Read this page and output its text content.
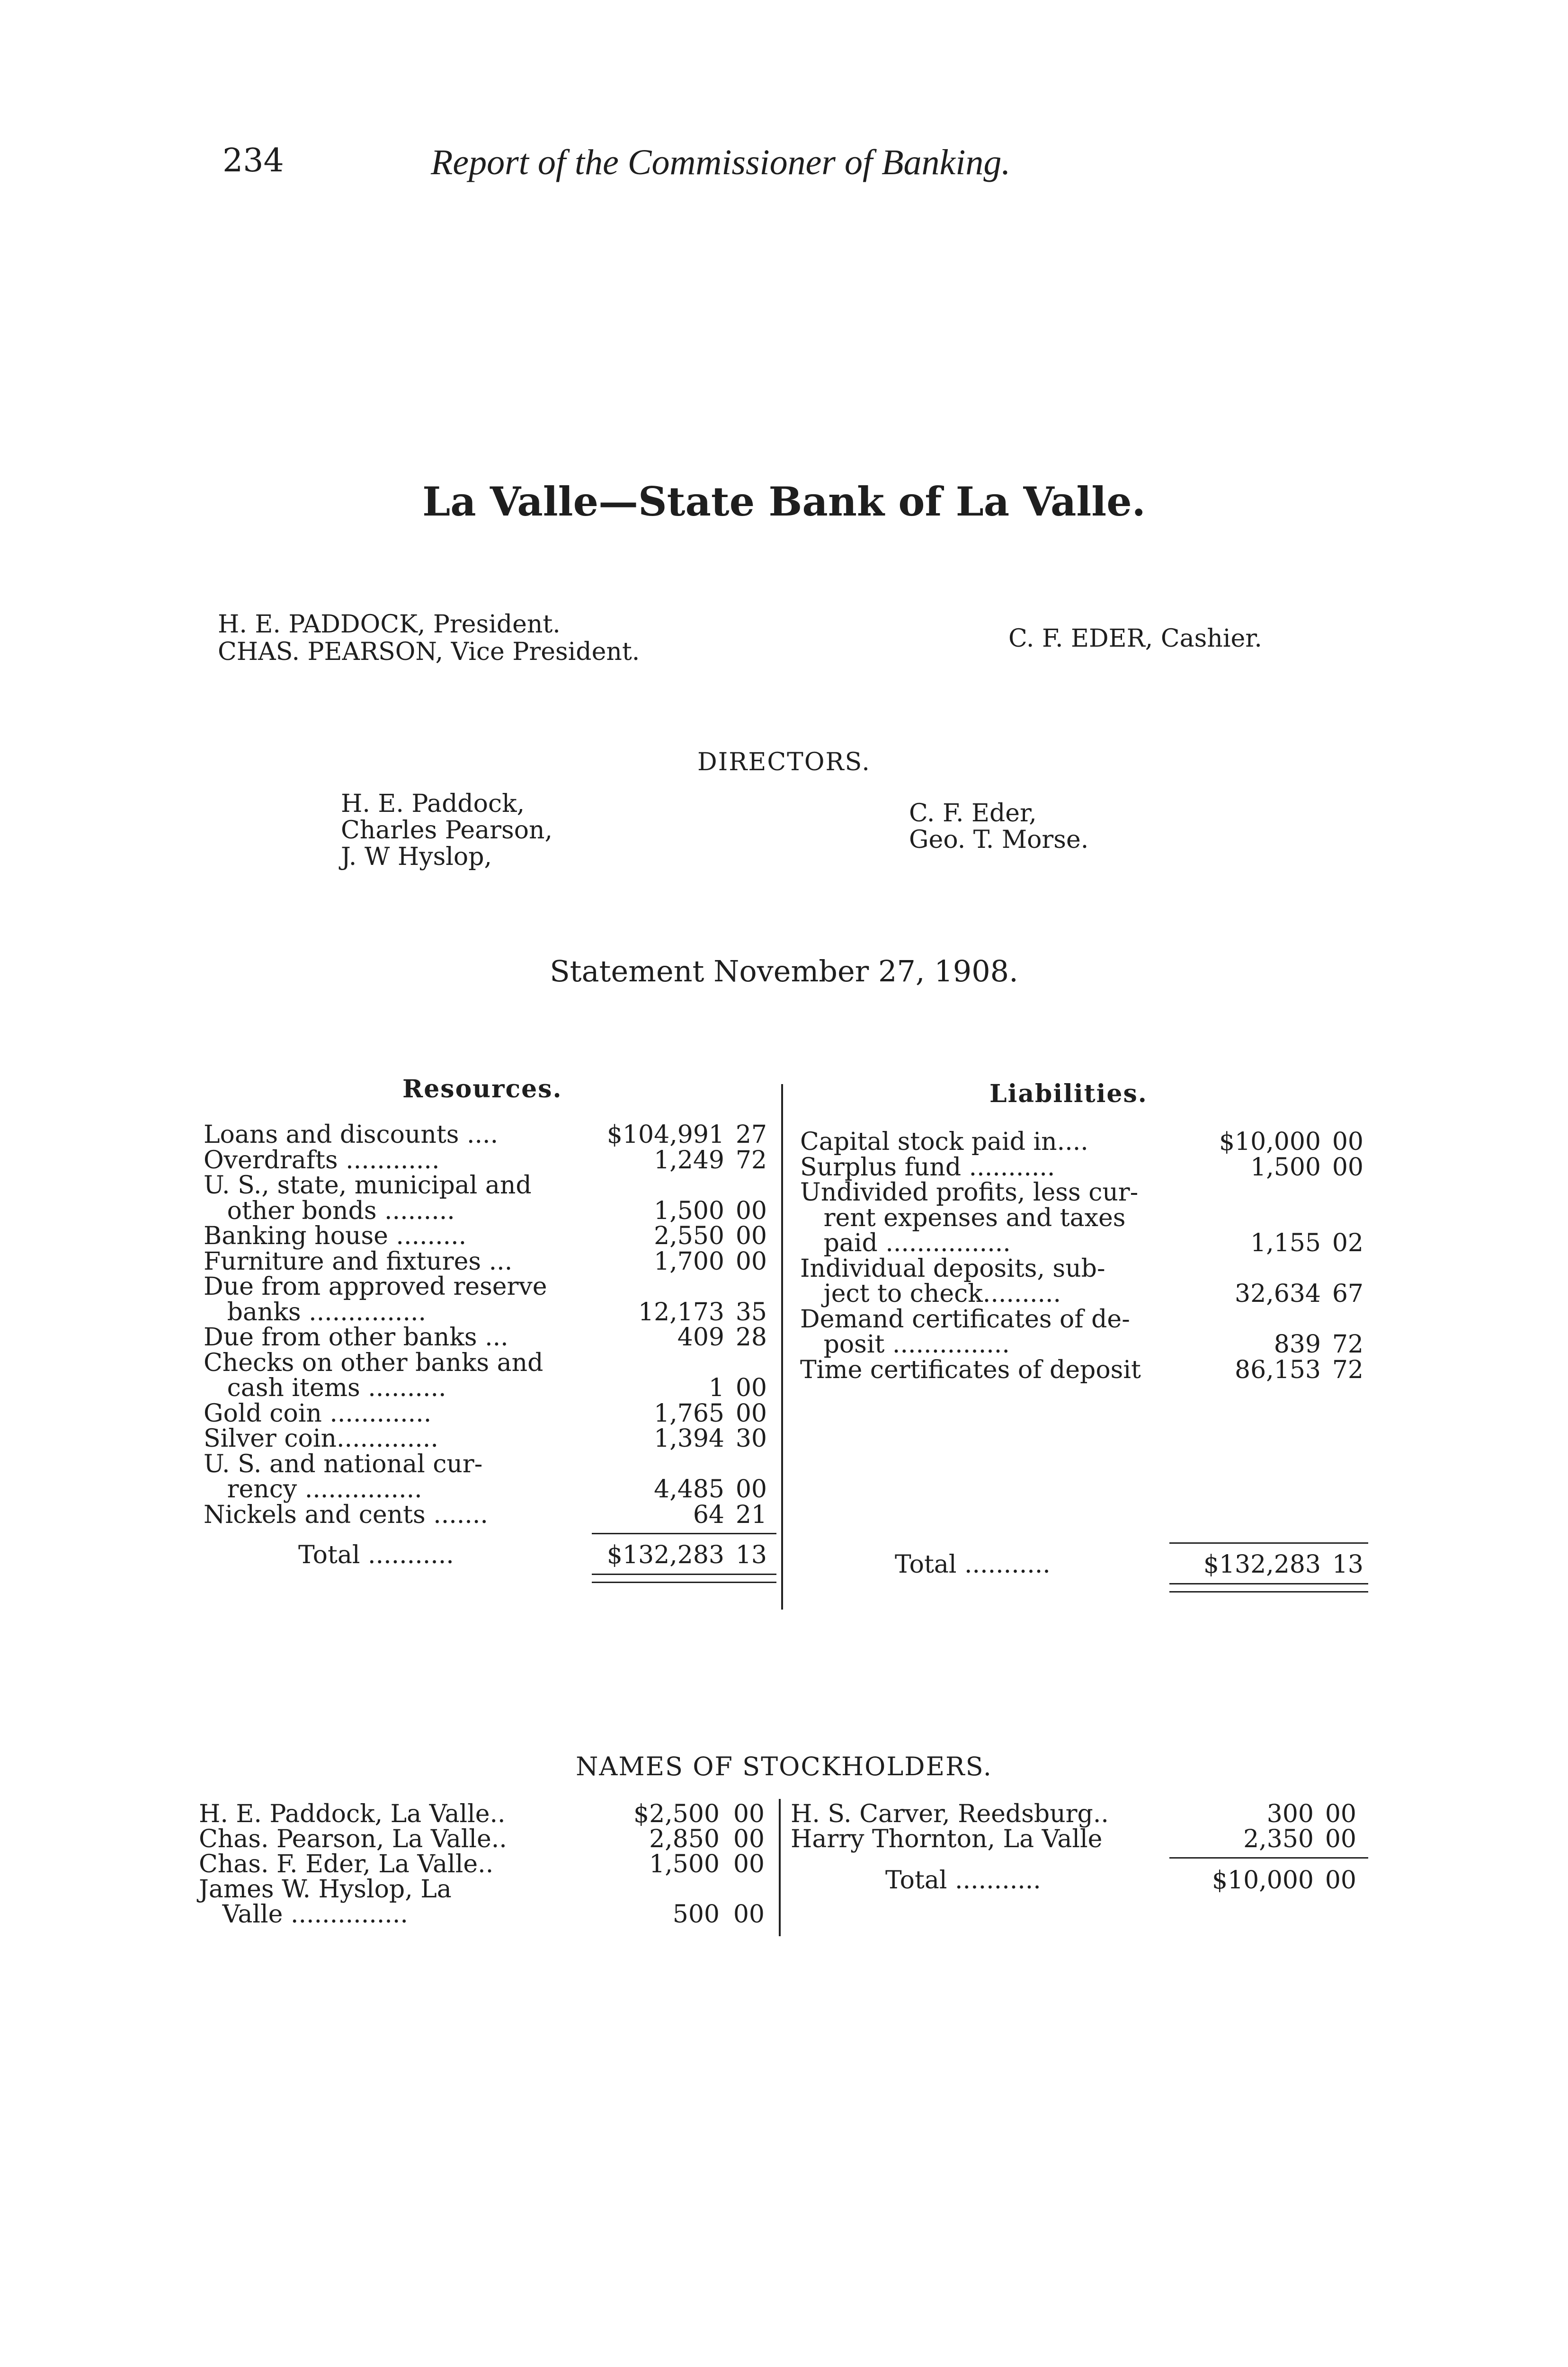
234	Report of the Commissioner of Banking.
La Valle—State Bank of La Valle.
H. E. PADDOCK, President.
CHAS. PEARSON, Vice President.	C. F. EDER, Cashier.
DIRECTORS.
H. E. Paddock,
Charles Pearson,
J. W Hyslop,
C. F. Eder,
Geo. T. Morse.
Statement November 27, 1908.
Resources.	Liabilities.
Loans and discounts ....	$104,991 27
Overdrafts ............	1,249 72
U. S., state, municipal and
other bonds .........	1,500 00
Banking house .........	2,550 00
Furniture and fixtures ...	1,700 00
Due from approved reserve
banks ...............	12,173 35
Due from other banks ...	409 28
Checks on other banks and
cash items ..........	1 00
Gold coin .............	1,765 00
Silver coin.............	1,394 30
U. S. and national cur-
rency ...............	4,485 00
Nickels and cents .......	64 21
Total ...........	$132,283 13
Capital stock paid in....	$10,000 00
Surplus fund ...........	1,500 00
Undivided profits, less cur-
rent expenses and taxes
paid ................	1,155 02
Individual deposits, sub-
ject to check..........	32,634 67
Demand certificates of de-
posit ...............	839 72
Time certificates of deposit	86,153 72
Total ...........	$132,283 13
NAMES OF STOCKHOLDERS.
H. E. Paddock, La Valle..	$2,500 00
Chas. Pearson, La Valle..	2,850 00
Chas. F. Eder, La Valle..	1,500 00
James W. Hyslop, La
Valle ...............	500 00
H. S. Carver, Reedsburg..	300 00
Harry Thornton, La Valle	2,350 00
Total ...........	$10,000 00
